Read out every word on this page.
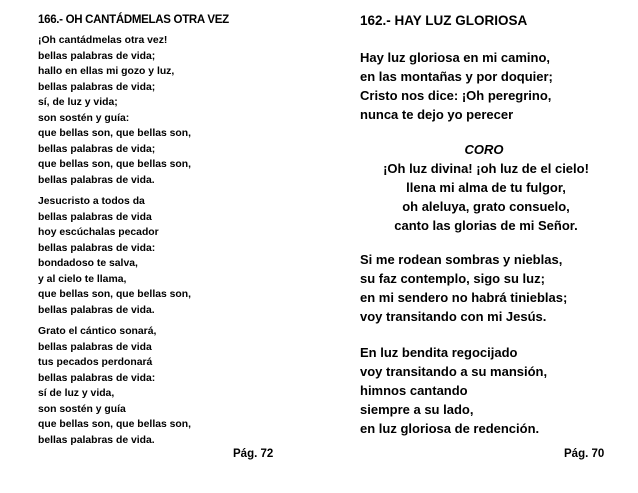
166.- OH CANTÁDMELAS OTRA VEZ
¡Oh cantádmelas otra vez!
bellas palabras de vida;
hallo en ellas mi gozo y luz,
bellas palabras de vida;
sí, de luz y vida;
son sostén y guía:
que bellas son, que bellas son,
bellas palabras de vida;
que bellas son, que bellas son,
bellas palabras de vida.
Jesucristo a todos da
bellas palabras de vida
hoy escúchalas pecador
bellas palabras de vida:
bondadoso te salva,
y al cielo te llama,
que bellas son, que bellas son,
bellas palabras de vida.
Grato el cántico sonará,
bellas palabras de vida
tus pecados perdonará
bellas palabras de vida:
sí de luz y vida,
son sostén y guía
que bellas son, que bellas son,
bellas palabras de vida.
Pág. 72
162.- HAY LUZ GLORIOSA
Hay luz gloriosa en mi camino,
en las montañas y por doquier;
Cristo nos dice: ¡Oh peregrino,
nunca te dejo yo perecer
CORO
¡Oh luz divina! ¡oh luz de el cielo!
llena mi alma de tu fulgor,
oh aleluya, grato consuelo,
canto las glorias de mi Señor.
Si me rodean sombras y nieblas,
su faz contemplo, sigo su luz;
en mi sendero no habrá tinieblas;
voy transitando con mi Jesús.
En luz bendita regocijado
voy transitando a su mansión,
himnos cantando
siempre a su lado,
en luz gloriosa de redención.
Pág. 70
